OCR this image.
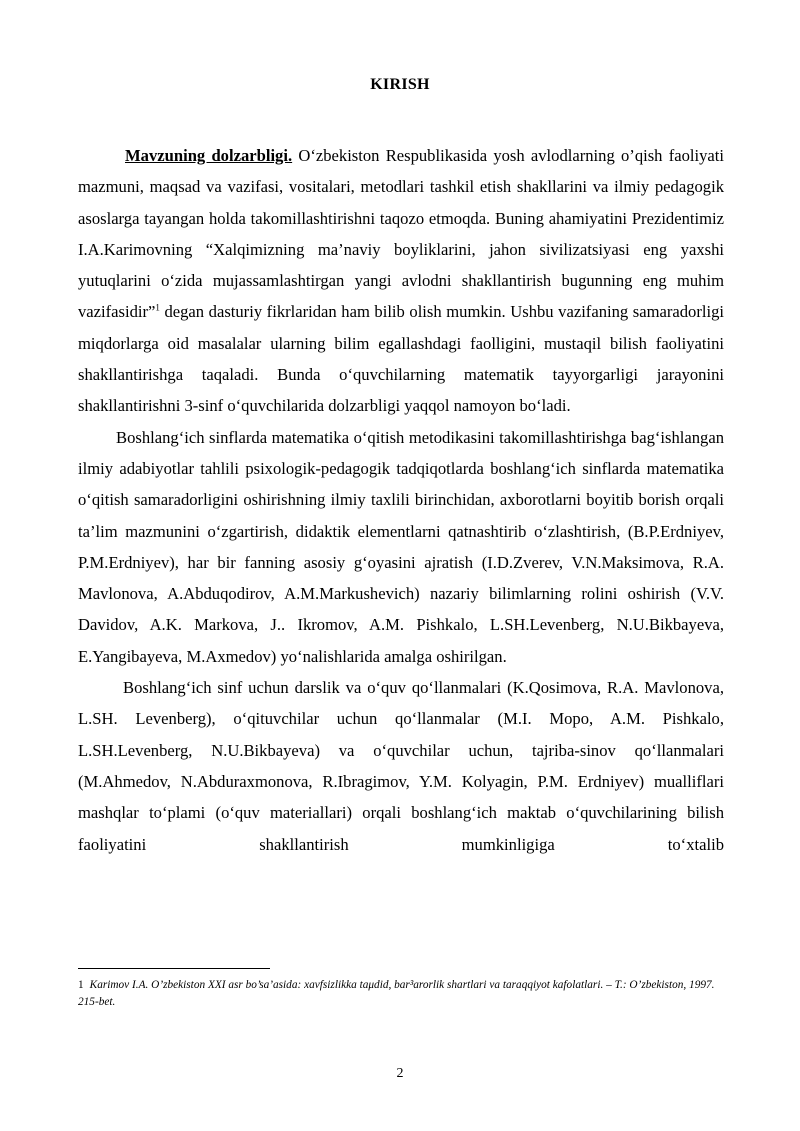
KIRISH

Mavzuning dolzarbligi. O‘zbekiston Respublikasida yosh avlodlarning o’qish faoliyati mazmuni, maqsad va vazifasi, vositalari, metodlari tashkil etish shakllarini va ilmiy pedagogik asoslarga tayangan holda takomillashtirishni taqozo etmoqda. Buning ahamiyatini Prezidentimiz I.A.Karimovning “Xalqimizning ma’naviy boyliklarini, jahon sivilizatsiyasi eng yaxshi yutuqlarini o‘zida mujassamlashtirgan yangi avlodni shakllantirish bugunning eng muhim vazifasidir”$^1$ degan dasturiy fikrlaridan ham bilib olish mumkin. Ushbu vazifaning samaradorligi miqdorlarga oid masalalar ularning bilim egallashdagi faolligini, mustaqil bilish faoliyatini shakllantirishga taqaladi. Bunda o‘quvchilarning matematik tayyorgarligi jarayonini shakllantirishni 3-sinf o‘quvchilarida dolzarbligi yaqqol namoyon bo‘ladi.

Boshlang‘ich sinflarda matematika o‘qitish metodikasini takomillashtirishga bag‘ishlangan ilmiy adabiyotlar tahlili psixologik-pedagogik tadqiqotlarda boshlang‘ich sinflarda matematika o‘qitish samaradorligini oshirishning ilmiy taxlili birinchidan, axborotlarni boyitib borish orqali ta’lim mazmunini o‘zgartirish, didaktik elementlarni qatnashtirib o‘zlashtirish, (B.P.Erdniyev, P.M.Erdniyev), har bir fanning asosiy g‘oyasini ajratish (I.D.Zverev, V.N.Maksimova, R.A. Mavlonova, A.Abduqodirov, A.M.Markushevich) nazariy bilimlarning rolini oshirish (V.V. Davidov, A.K. Markova, J.. Ikromov, A.M. Pishkalo, L.SH.Levenberg, N.U.Bikbayeva, E.Yangibayeva, M.Axmedov) yo‘nalishlarida amalga oshirilgan.

Boshlang‘ich sinf uchun darslik va o‘quv qo‘llanmalari (K.Qosimova, R.A. Mavlonova, L.SH. Levenberg), o‘qituvchilar uchun qo‘llanmalar (M.I. Mopo, A.M. Pishkalo, L.SH.Levenberg, N.U.Bikbayeva) va o‘quvchilar uchun, tajriba-sinov qo‘llanmalari (M.Ahmedov, N.Abduraxmonova, R.Ibragimov, Y.M. Kolyagin, P.M. Erdniyev) mualliflari mashqlar to‘plami (o‘quv materiallari) orqali boshlang‘ich maktab o‘quvchilarining bilish faoliyatini shakllantirish mumkinligiga to‘xtalib

1 Karimov I.A. O’zbekiston XXI asr bo’sa’asida: xavfsizlikka taμdid, bar³arorlik shartlari va taraqqiyot kafolatlari. – T.: O’zbekiston, 1997. 215-bet.
2
